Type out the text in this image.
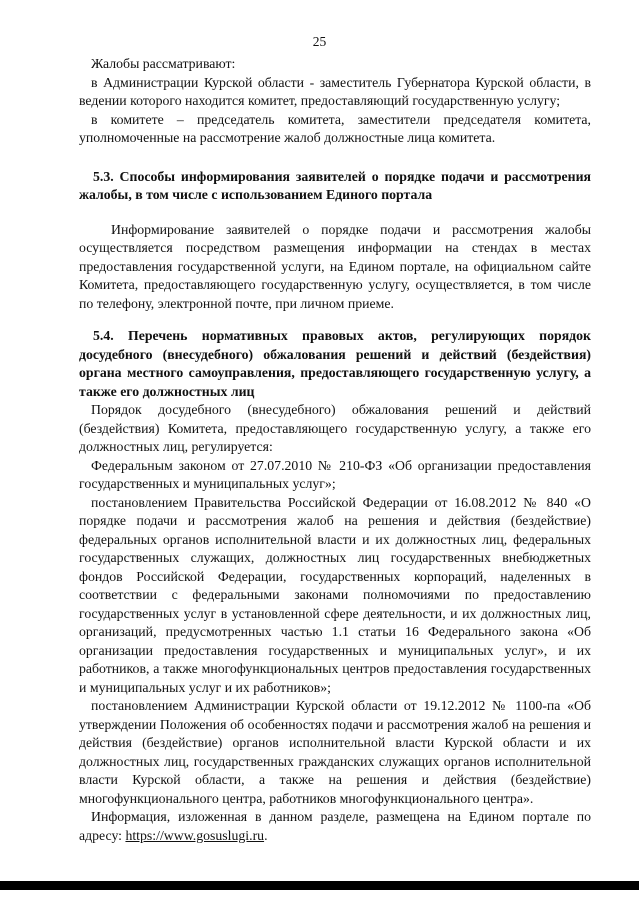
25

Жалобы рассматривают:

в Администрации Курской области - заместитель Губернатора Курской области, в ведении которого находится комитет, предоставляющий государственную услугу;

в комитете – председатель комитета, заместители председателя комитета, уполномоченные на рассмотрение жалоб должностные лица комитета.

5.3. Способы информирования заявителей о порядке подачи и рассмотрения жалобы, в том числе с использованием Единого портала

Информирование заявителей о порядке подачи и рассмотрения жалобы осуществляется посредством размещения информации на стендах в местах предоставления государственной услуги, на Едином портале, на официальном сайте Комитета, предоставляющего государственную услугу, осуществляется, в том числе по телефону, электронной почте, при личном приеме.

5.4. Перечень нормативных правовых актов, регулирующих порядок досудебного (внесудебного) обжалования решений и действий (бездействия) органа местного самоуправления, предоставляющего государственную услугу, а также его должностных лиц

Порядок досудебного (внесудебного) обжалования решений и действий (бездействия) Комитета, предоставляющего государственную услугу, а также его должностных лиц, регулируется:

Федеральным законом от 27.07.2010 № 210-ФЗ «Об организации предоставления государственных и муниципальных услуг»;

постановлением Правительства Российской Федерации от 16.08.2012 № 840 «О порядке подачи и рассмотрения жалоб на решения и действия (бездействие) федеральных органов исполнительной власти и их должностных лиц, федеральных государственных служащих, должностных лиц государственных внебюджетных фондов Российской Федерации, государственных корпораций, наделенных в соответствии с федеральными законами полномочиями по предоставлению государственных услуг в установленной сфере деятельности, и их должностных лиц, организаций, предусмотренных частью 1.1 статьи 16 Федерального закона «Об организации предоставления государственных и муниципальных услуг», и их работников, а также многофункциональных центров предоставления государственных и муниципальных услуг и их работников»;

постановлением Администрации Курской области от 19.12.2012 № 1100-па «Об утверждении Положения об особенностях подачи и рассмотрения жалоб на решения и действия (бездействие) органов исполнительной власти Курской области и их должностных лиц, государственных гражданских служащих органов исполнительной власти Курской области, а также на решения и действия (бездействие) многофункционального центра, работников многофункционального центра».

Информация, изложенная в данном разделе, размещена на Едином портале по адресу: https://www.gosuslugi.ru.
